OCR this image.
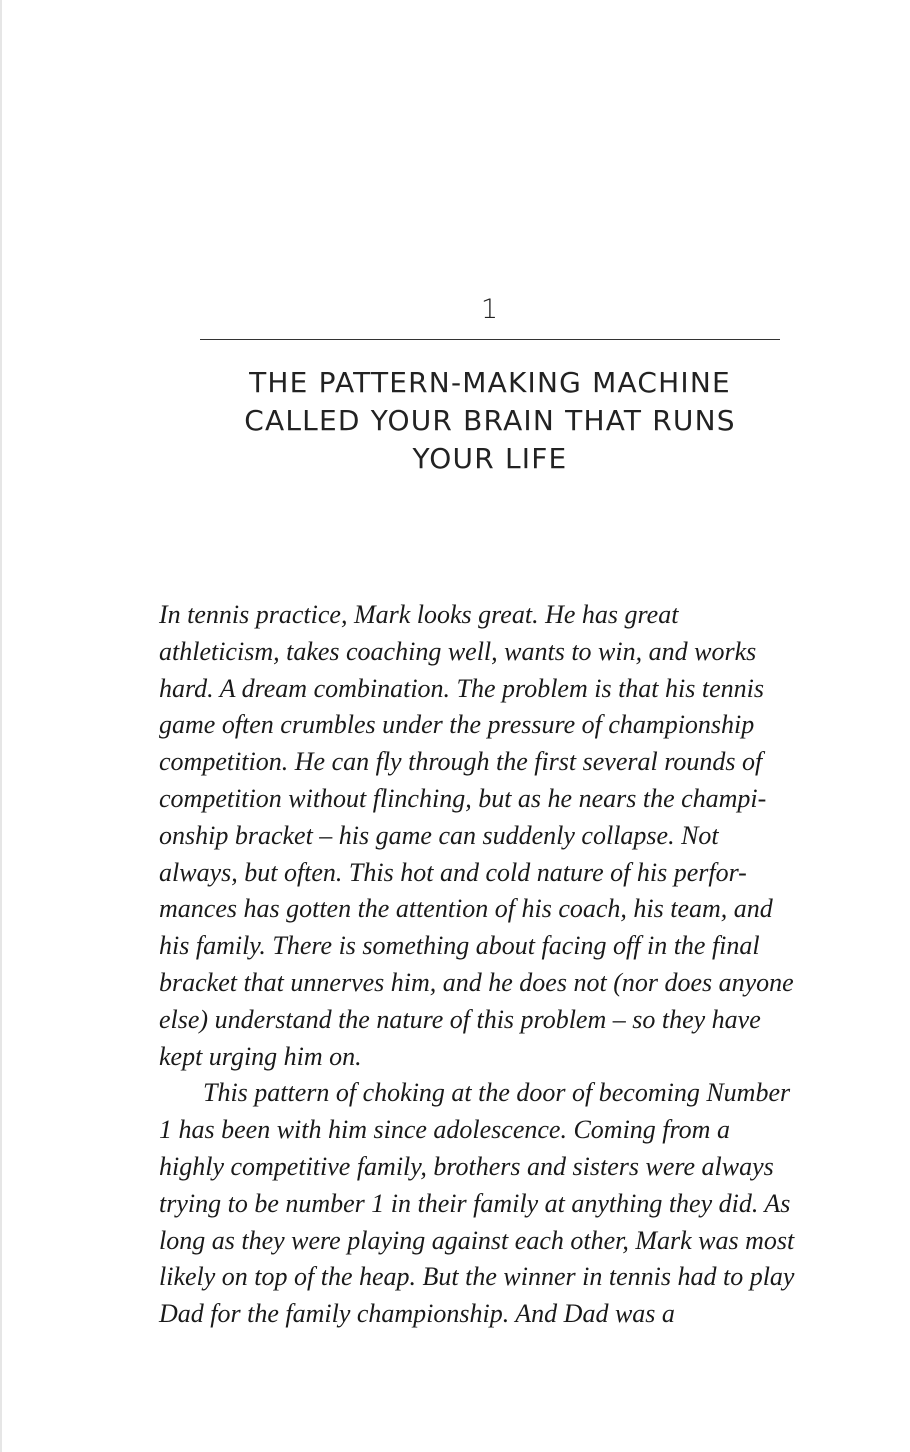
1
THE PATTERN-MAKING MACHINE
CALLED YOUR BRAIN THAT RUNS
YOUR LIFE

In tennis practice, Mark looks great. He has great
athleticism, takes coaching well, wants to win, and works
hard. A dream combination. The problem is that his tennis
game often crumbles under the pressure of championship
competition. He can fly through the first several rounds of
competition without flinching, but as he nears the champi-
onship bracket – his game can suddenly collapse. Not
always, but often. This hot and cold nature of his perfor-
mances has gotten the attention of his coach, his team, and
his family. There is something about facing off in the final
bracket that unnerves him, and he does not (nor does anyone
else) understand the nature of this problem – so they have
kept urging him on.

This pattern of choking at the door of becoming Number
1 has been with him since adolescence. Coming from a
highly competitive family, brothers and sisters were always
trying to be number 1 in their family at anything they did. As
long as they were playing against each other, Mark was most
likely on top of the heap. But the winner in tennis had to play
Dad for the family championship. And Dad was a
